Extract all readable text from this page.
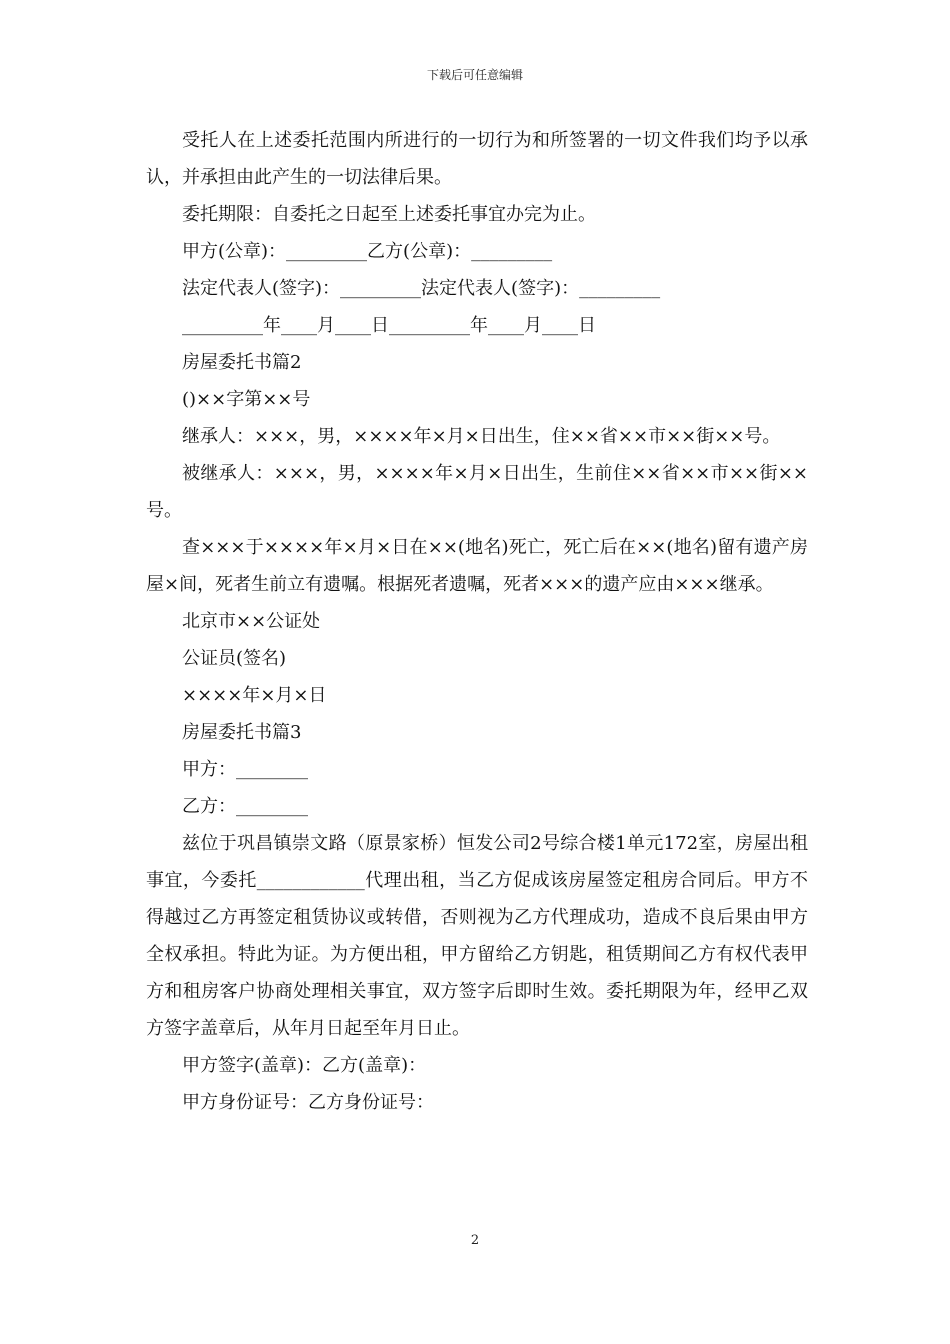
下载后可任意编辑

受托人在上述委托范围内所进行的一切行为和所签署的一切文件我们均予以承认，并承担由此产生的一切法律后果。

委托期限：自委托之日起至上述委托事宜办完为止。

甲方(公章)：_________乙方(公章)：_________

法定代表人(签字)：_________法定代表人(签字)：_________

_________年____月____日_________年____月____日

房屋委托书篇2

()××字第××号

继承人：×××，男，××××年×月×日出生，住××省××市××街××号。

被继承人：×××，男，××××年×月×日出生，生前住××省××市××街××号。

查×××于××××年×月×日在××(地名)死亡，死亡后在××(地名)留有遗产房屋×间，死者生前立有遗嘱。根据死者遗嘱，死者×××的遗产应由×××继承。

北京市××公证处

公证员(签名)

××××年×月×日

房屋委托书篇3

甲方：________

乙方：________

兹位于巩昌镇崇文路（原景家桥）恒发公司2号综合楼1单元172室，房屋出租事宜，今委托____________代理出租，当乙方促成该房屋签定租房合同后。甲方不得越过乙方再签定租赁协议或转借，否则视为乙方代理成功，造成不良后果由甲方全权承担。特此为证。为方便出租，甲方留给乙方钥匙，租赁期间乙方有权代表甲方和租房客户协商处理相关事宜，双方签字后即时生效。委托期限为年，经甲乙双方签字盖章后，从年月日起至年月日止。

甲方签字(盖章)：乙方(盖章)：

甲方身份证号：乙方身份证号：

2
